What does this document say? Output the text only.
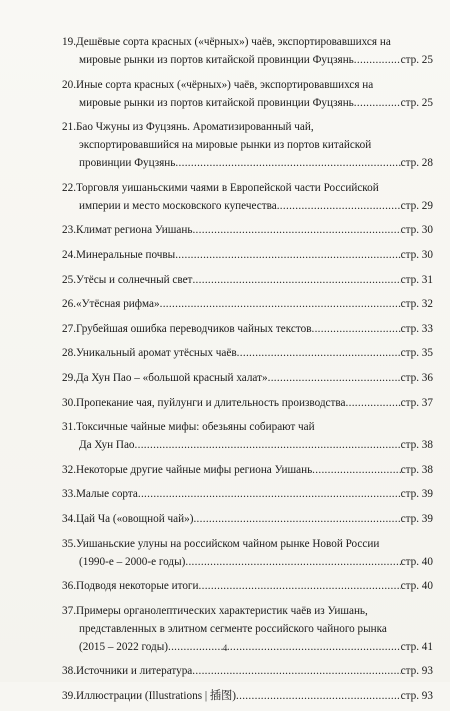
19.Дешёвые сорта красных («чёрных») чаёв, экспортировавшихся на
мировые рынки из портов китайской провинции Фуцзянь .....	стр. 25
20.Иные сорта красных («чёрных») чаёв, экспортировавшихся на
мировые рынки из портов китайской провинции Фуцзянь .....	стр. 25
21.Бао Чжуны из Фуцзянь. Ароматизированный чай,
экспортировавшийся на мировые рынки из портов китайской
провинции Фуцзянь .....	стр. 28
22.Торговля уишаньскими чаями в Европейской части Российской
империи и место московского купечества .....	стр. 29
23.Климат региона Уишань .....	стр. 30
24.Минеральные почвы .....	стр. 30
25.Утёсы и солнечный свет .....	стр. 31
26.«Утёсная рифма» .....	стр. 32
27.Грубейшая ошибка переводчиков чайных текстов .....	стр. 33
28.Уникальный аромат утёсных чаёв .....	стр. 35
29.Да Хун Пао – «большой красный халат» .....	стр. 36
30.Пропекание чая, пуйлунги и длительность производства .....	стр. 37
31.Токсичные чайные мифы: обезьяны собирают чай
Да Хун Пао .....	стр. 38
32.Некоторые другие чайные мифы региона Уишань .....	стр. 38
33.Малые сорта .....	стр. 39
34.Цай Ча («овощной чай») .....	стр. 39
35.Уишаньские улуны на российском чайном рынке Новой России
(1990-е – 2000-е годы) .....	стр. 40
36.Подводя некоторые итоги .....	стр. 40
37.Примеры органолептических характеристик чаёв из Уишань,
представленных в элитном сегменте российского чайного рынка
(2015 – 2022 годы) .....	стр. 41
38.Источники и литература .....	стр. 93
39.Иллюстрации (Illustrations | 插图) .....	стр. 93
4
